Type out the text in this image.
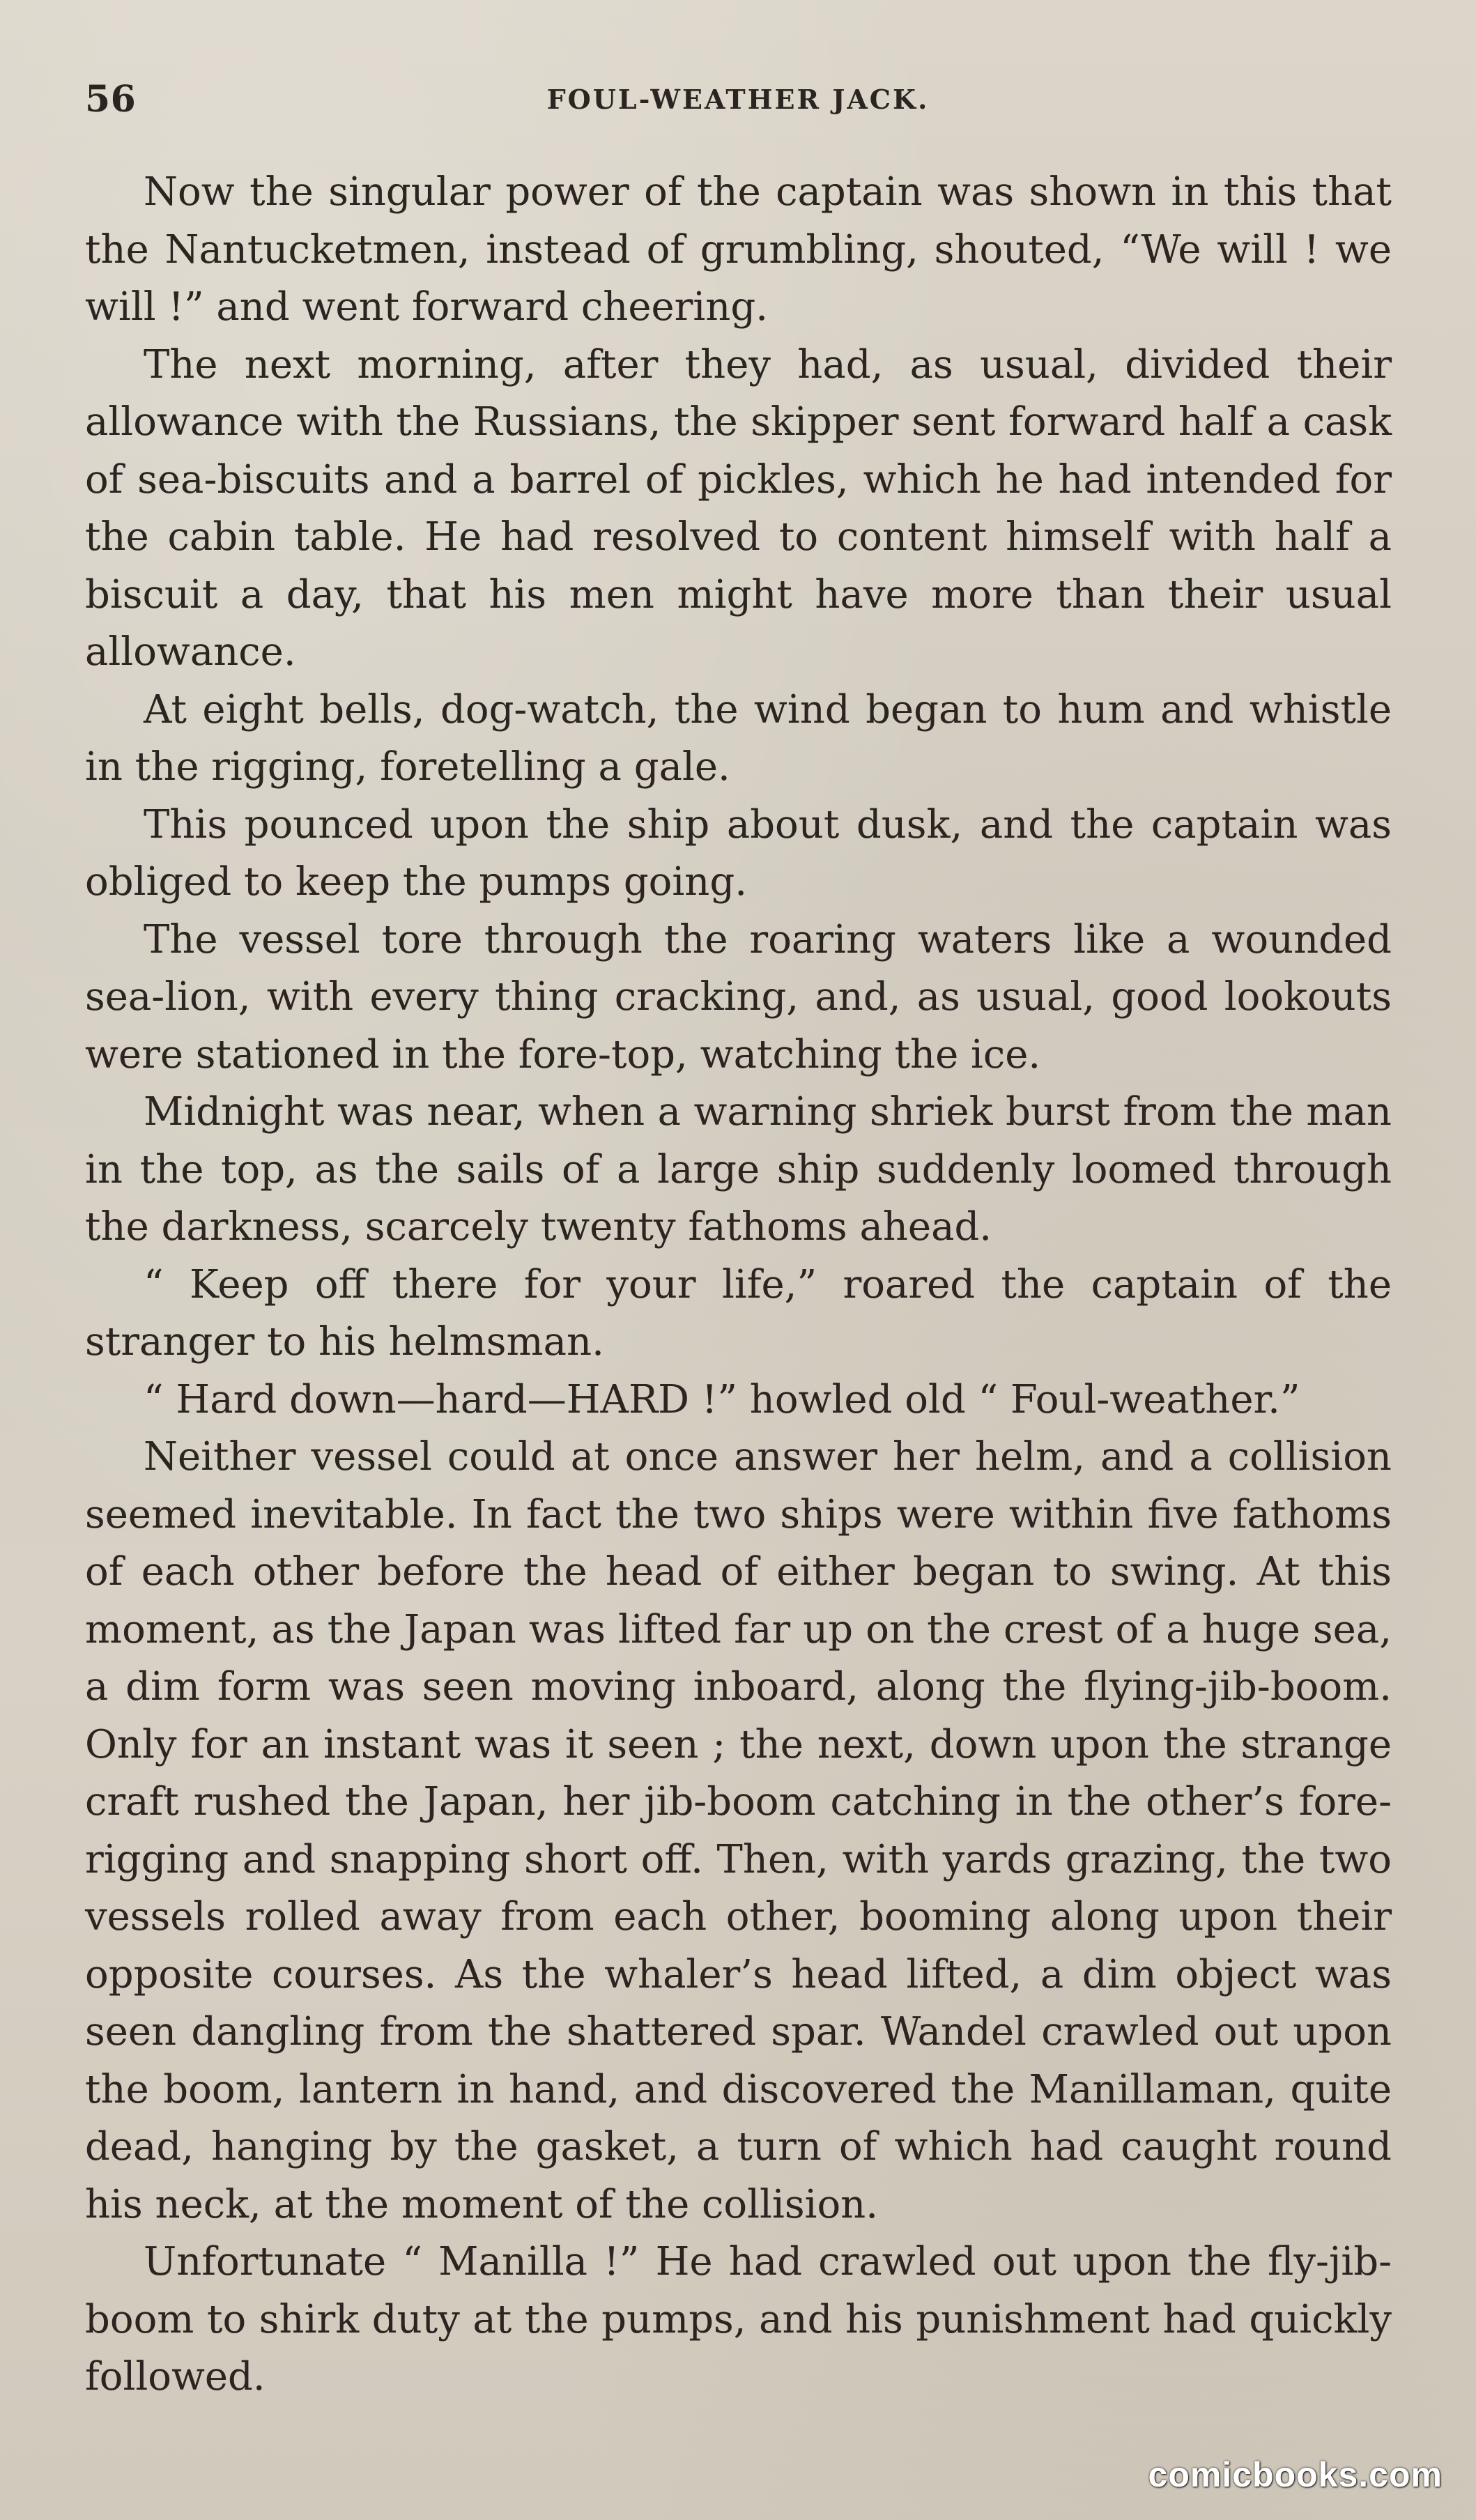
56	FOUL-WEATHER JACK.

Now the singular power of the captain was shown in this that the Nantucketmen, instead of grumbling, shouted, “We will ! we will !” and went forward cheering.

The next morning, after they had, as usual, divided their allowance with the Russians, the skipper sent forward half a cask of sea-biscuits and a barrel of pickles, which he had intended for the cabin table. He had resolved to content himself with half a biscuit a day, that his men might have more than their usual allowance.

At eight bells, dog-watch, the wind began to hum and whistle in the rigging, foretelling a gale.

This pounced upon the ship about dusk, and the captain was obliged to keep the pumps going.

The vessel tore through the roaring waters like a wounded sea-lion, with every thing cracking, and, as usual, good lookouts were stationed in the fore-top, watching the ice.

Midnight was near, when a warning shriek burst from the man in the top, as the sails of a large ship suddenly loomed through the darkness, scarcely twenty fathoms ahead.

“ Keep off there for your life,” roared the captain of the stranger to his helmsman.

“ Hard down—hard—HARD !” howled old “ Foul-weather.”

Neither vessel could at once answer her helm, and a collision seemed inevitable. In fact the two ships were within five fathoms of each other before the head of either began to swing. At this moment, as the Japan was lifted far up on the crest of a huge sea, a dim form was seen moving inboard, along the flying-jib-boom. Only for an instant was it seen ; the next, down upon the strange craft rushed the Japan, her jib-boom catching in the other’s fore-rigging and snapping short off. Then, with yards grazing, the two vessels rolled away from each other, booming along upon their opposite courses. As the whaler’s head lifted, a dim object was seen dangling from the shattered spar. Wandel crawled out upon the boom, lantern in hand, and discovered the Manillaman, quite dead, hanging by the gasket, a turn of which had caught round his neck, at the moment of the collision.

Unfortunate “ Manilla !” He had crawled out upon the fly-jib-boom to shirk duty at the pumps, and his punishment had quickly followed.

comicbooks.com
